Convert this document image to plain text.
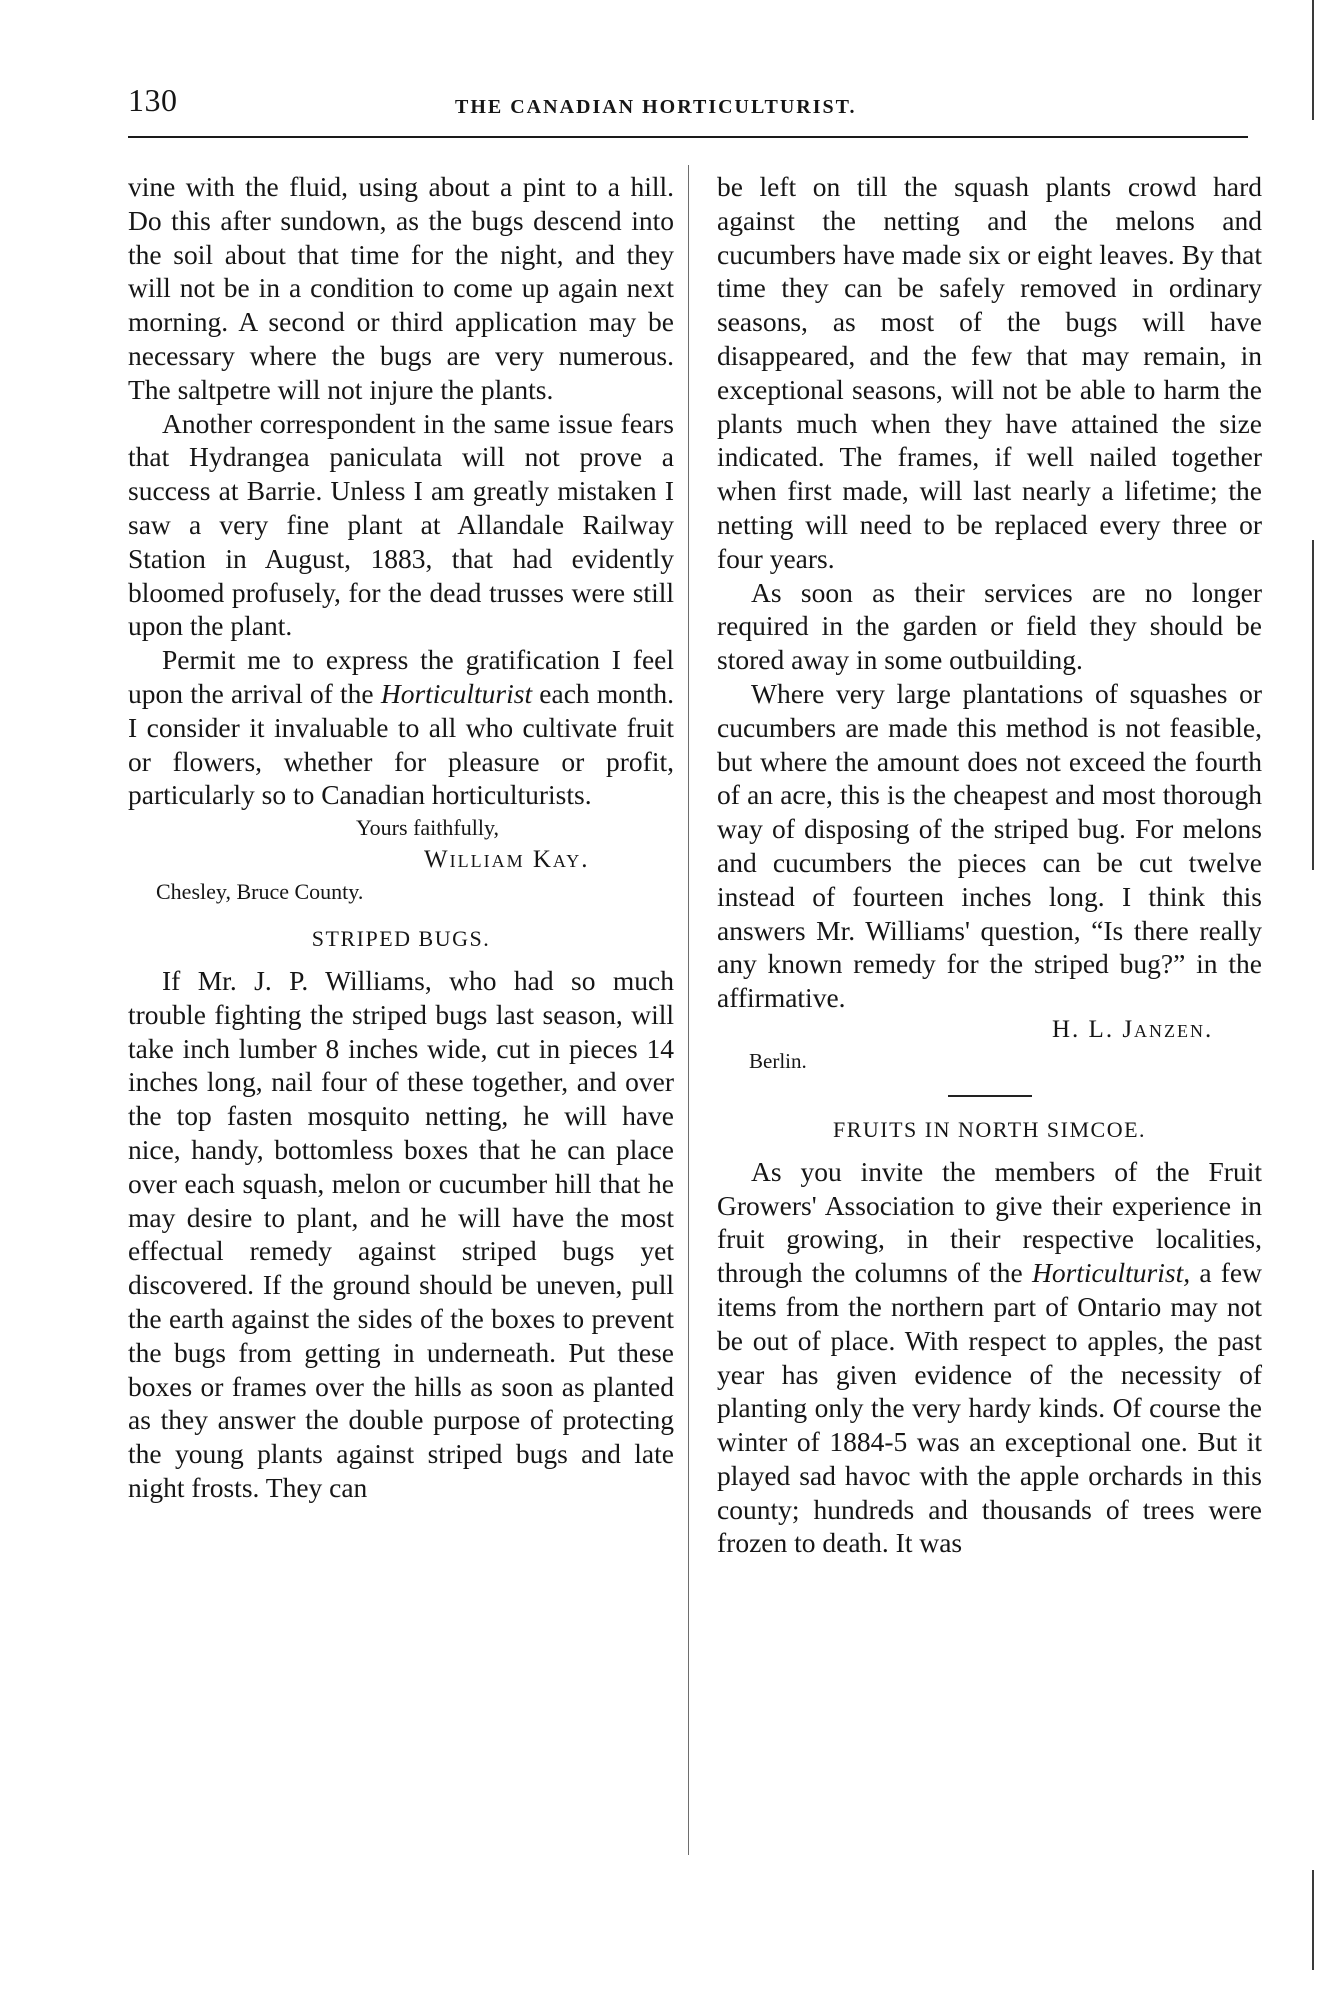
130	THE CANADIAN HORTICULTURIST.

vine with the fluid, using about a pint to a hill. Do this after sundown, as the bugs descend into the soil about that time for the night, and they will not be in a condition to come up again next morning. A second or third application may be necessary where the bugs are very numerous. The saltpetre will not injure the plants.

Another correspondent in the same issue fears that Hydrangea paniculata will not prove a success at Barrie. Unless I am greatly mistaken I saw a very fine plant at Allandale Railway Station in August, 1883, that had evidently bloomed profusely, for the dead trusses were still upon the plant.

Permit me to express the gratification I feel upon the arrival of the Horticulturist each month. I consider it invaluable to all who cultivate fruit or flowers, whether for pleasure or profit, particularly so to Canadian horticulturists.

Yours faithfully,
William Kay.
Chesley, Bruce County.
STRIPED BUGS.

If Mr. J. P. Williams, who had so much trouble fighting the striped bugs last season, will take inch lumber 8 inches wide, cut in pieces 14 inches long, nail four of these together, and over the top fasten mosquito netting, he will have nice, handy, bottomless boxes that he can place over each squash, melon or cucumber hill that he may desire to plant, and he will have the most effectual remedy against striped bugs yet discovered. If the ground should be uneven, pull the earth against the sides of the boxes to prevent the bugs from getting in underneath. Put these boxes or frames over the hills as soon as planted as they answer the double purpose of protecting the young plants against striped bugs and late night frosts. They can

be left on till the squash plants crowd hard against the netting and the melons and cucumbers have made six or eight leaves. By that time they can be safely removed in ordinary seasons, as most of the bugs will have disappeared, and the few that may remain, in exceptional seasons, will not be able to harm the plants much when they have attained the size indicated. The frames, if well nailed together when first made, will last nearly a lifetime; the netting will need to be replaced every three or four years.

As soon as their services are no longer required in the garden or field they should be stored away in some outbuilding.

Where very large plantations of squashes or cucumbers are made this method is not feasible, but where the amount does not exceed the fourth of an acre, this is the cheapest and most thorough way of disposing of the striped bug. For melons and cucumbers the pieces can be cut twelve instead of fourteen inches long. I think this answers Mr. Williams' question, “Is there really any known remedy for the striped bug?” in the affirmative.

H. L. Janzen.
Berlin.
FRUITS IN NORTH SIMCOE.

As you invite the members of the Fruit Growers' Association to give their experience in fruit growing, in their respective localities, through the columns of the Horticulturist, a few items from the northern part of Ontario may not be out of place. With respect to apples, the past year has given evidence of the necessity of planting only the very hardy kinds. Of course the winter of 1884-5 was an exceptional one. But it played sad havoc with the apple orchards in this county; hundreds and thousands of trees were frozen to death. It was
